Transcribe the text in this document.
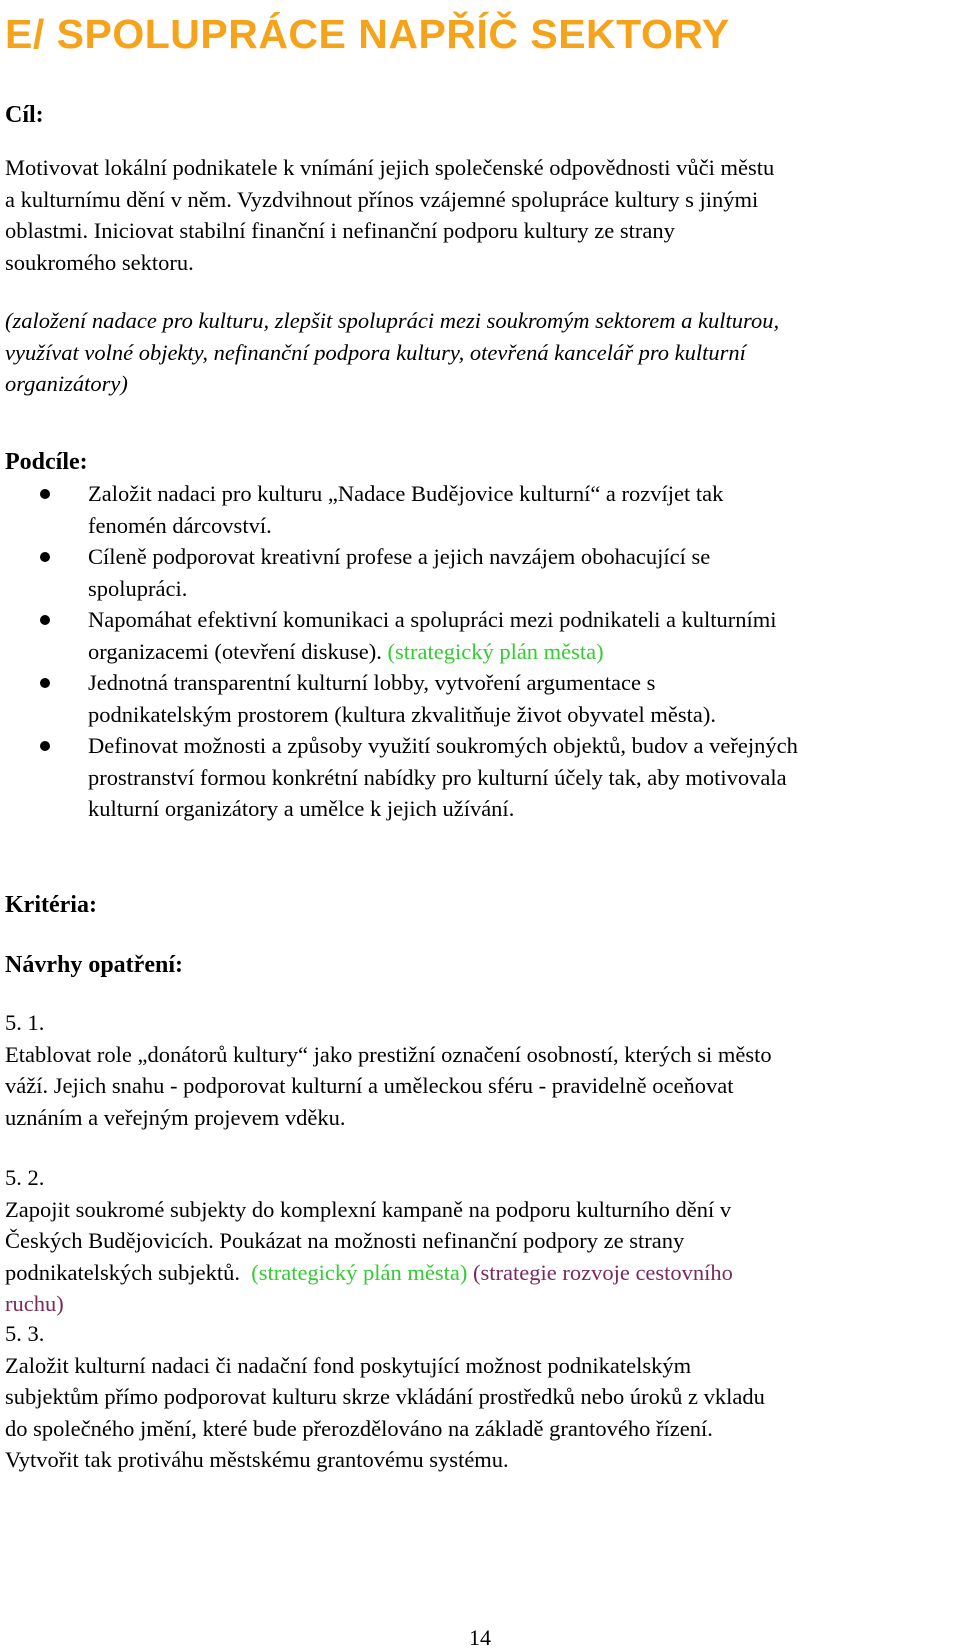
E/ SPOLUPRÁCE NAPŘÍČ SEKTORY
Cíl:

Motivovat lokální podnikatele k vnímání jejich společenské odpovědnosti vůči městu
a kulturnímu dění v něm. Vyzdvihnout přínos vzájemné spolupráce kultury s jinými
oblastmi. Iniciovat stabilní finanční i nefinanční podporu kultury ze strany
soukromého sektoru.

(založení nadace pro kulturu, zlepšit spolupráci mezi soukromým sektorem a kulturou,
využívat volné objekty, nefinanční podpora kultury, otevřená kancelář pro kulturní
organizátory)

Podcíle:
Založit nadaci pro kulturu „Nadace Budějovice kulturní“ a rozvíjet tak
fenomén dárcovství.
Cíleně podporovat kreativní profese a jejich navzájem obohacující se
spolupráci.
Napomáhat efektivní komunikaci a spolupráci mezi podnikateli a kulturními
organizacemi (otevření diskuse). (strategický plán města)
Jednotná transparentní kulturní lobby, vytvoření argumentace s
podnikatelským prostorem (kultura zkvalitňuje život obyvatel města).
Definovat možnosti a způsoby využití soukromých objektů, budov a veřejných
prostranství formou konkrétní nabídky pro kulturní účely tak, aby motivovala
kulturní organizátory a umělce k jejich užívání.
Kritéria:
Návrhy opatření:

5. 1.
Etablovat role „donátorů kultury“ jako prestižní označení osobností, kterých si město
váží. Jejich snahu - podporovat kulturní a uměleckou sféru - pravidelně oceňovat
uznáním a veřejným projevem vděku.

5. 2.
Zapojit soukromé subjekty do komplexní kampaně na podporu kulturního dění v
Českých Budějovicích. Poukázat na možnosti nefinanční podpory ze strany
podnikatelských subjektů.  (strategický plán města) (strategie rozvoje cestovního
ruchu)

5. 3.
Založit kulturní nadaci či nadační fond poskytující možnost podnikatelským
subjektům přímo podporovat kulturu skrze vkládání prostředků nebo úroků z vkladu
do společného jmění, které bude přerozdělováno na základě grantového řízení.
Vytvořit tak protiváhu městskému grantovému systému.

14
